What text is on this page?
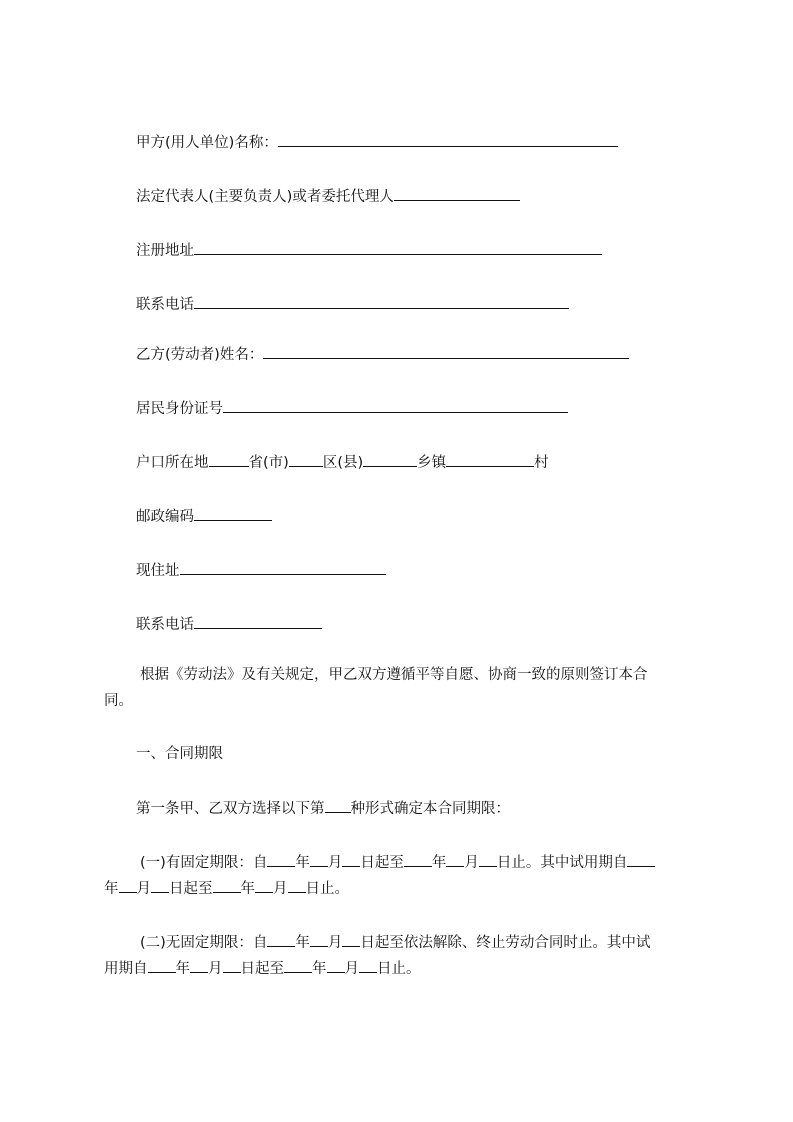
甲方(用人单位)名称：
法定代表人(主要负责人)或者委托代理人
注册地址
联系电话
乙方(劳动者)姓名：
居民身份证号
户口所在地	省(市) 区(县)	乡镇	村
邮政编码
现住址
联系电话
根据《劳动法》及有关规定，甲乙双方遵循平等自愿、协商一致的原则签订本合
同。
一、合同期限
第一条甲、乙双方选择以下第 种形式确定本合同期限：
(一)有固定期限：自 年 月 日起至 年 月 日止。其中试用期自
年 月 日起至 年 月 日止。
(二)无固定期限：自 年 月 日起至依法解除、终止劳动合同时止。其中试
用期自 年 月 日起至 年 月 日止。
